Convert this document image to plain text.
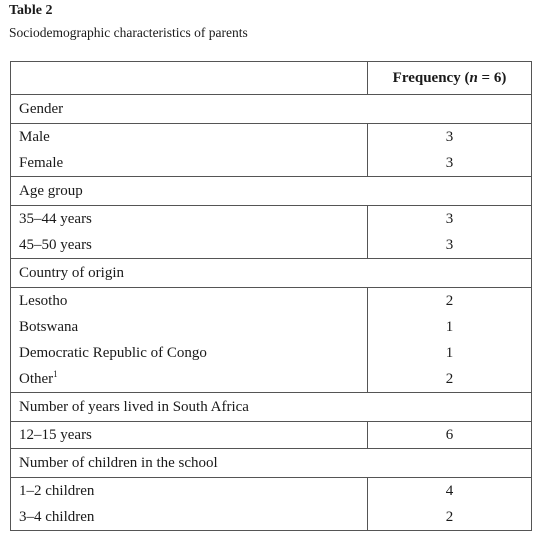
Table 2
Sociodemographic characteristics of parents
	Frequency (n = 6)
Gender	
Male	3
Female	3
Age group	
35–44 years	3
45–50 years	3
Country of origin	
Lesotho	2
Botswana	1
Democratic Republic of Congo	1
Other$^1$	2
Number of years lived in South Africa	
12–15 years	6
Number of children in the school	
1–2 children	4
3–4 children	2
